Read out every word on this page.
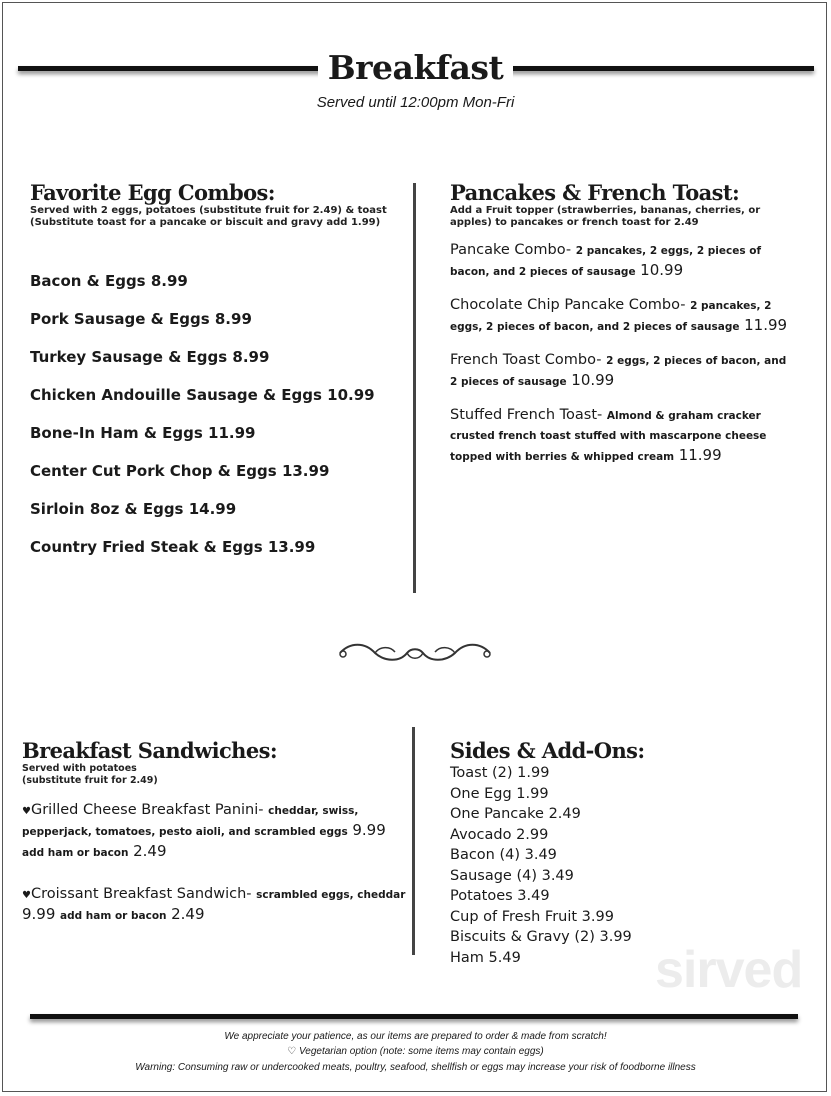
Breakfast
Served until 12:00pm Mon-Fri

Favorite Egg Combos:

Served with 2 eggs, potatoes (substitute fruit for 2.49) & toast (Substitute toast for a pancake or biscuit and gravy add 1.99)
Bacon & Eggs 8.99
Pork Sausage & Eggs 8.99
Turkey Sausage & Eggs 8.99
Chicken Andouille Sausage & Eggs 10.99
Bone-In Ham & Eggs 11.99
Center Cut Pork Chop & Eggs 13.99
Sirloin 8oz & Eggs 14.99
Country Fried Steak & Eggs 13.99

Pancakes & French Toast:

Add a Fruit topper (strawberries, bananas, cherries, or apples) to pancakes or french toast for 2.49
Pancake Combo- 2 pancakes, 2 eggs, 2 pieces of bacon, and 2 pieces of sausage 10.99
Chocolate Chip Pancake Combo- 2 pancakes, 2 eggs, 2 pieces of bacon, and 2 pieces of sausage 11.99
French Toast Combo- 2 eggs, 2 pieces of bacon, and 2 pieces of sausage 10.99
Stuffed French Toast- Almond & graham cracker crusted french toast stuffed with mascarpone cheese topped with berries & whipped cream 11.99

Breakfast Sandwiches:

Served with potatoes
(substitute fruit for 2.49)
♥Grilled Cheese Breakfast Panini- cheddar, swiss, pepperjack, tomatoes, pesto aioli, and scrambled eggs 9.99 add ham or bacon 2.49
♥Croissant Breakfast Sandwich- scrambled eggs, cheddar 9.99 add ham or bacon 2.49
sirved

Sides & Add-Ons:

Toast (2) 1.99
One Egg 1.99
One Pancake 2.49
Avocado 2.99
Bacon (4) 3.49
Sausage (4) 3.49
Potatoes 3.49
Cup of Fresh Fruit 3.99
Biscuits & Gravy (2) 3.99
Ham 5.49
We appreciate your patience, as our items are prepared to order & made from scratch!
♡ Vegetarian option (note: some items may contain eggs)
Warning: Consuming raw or undercooked meats, poultry, seafood, shellfish or eggs may increase your risk of foodborne illness
